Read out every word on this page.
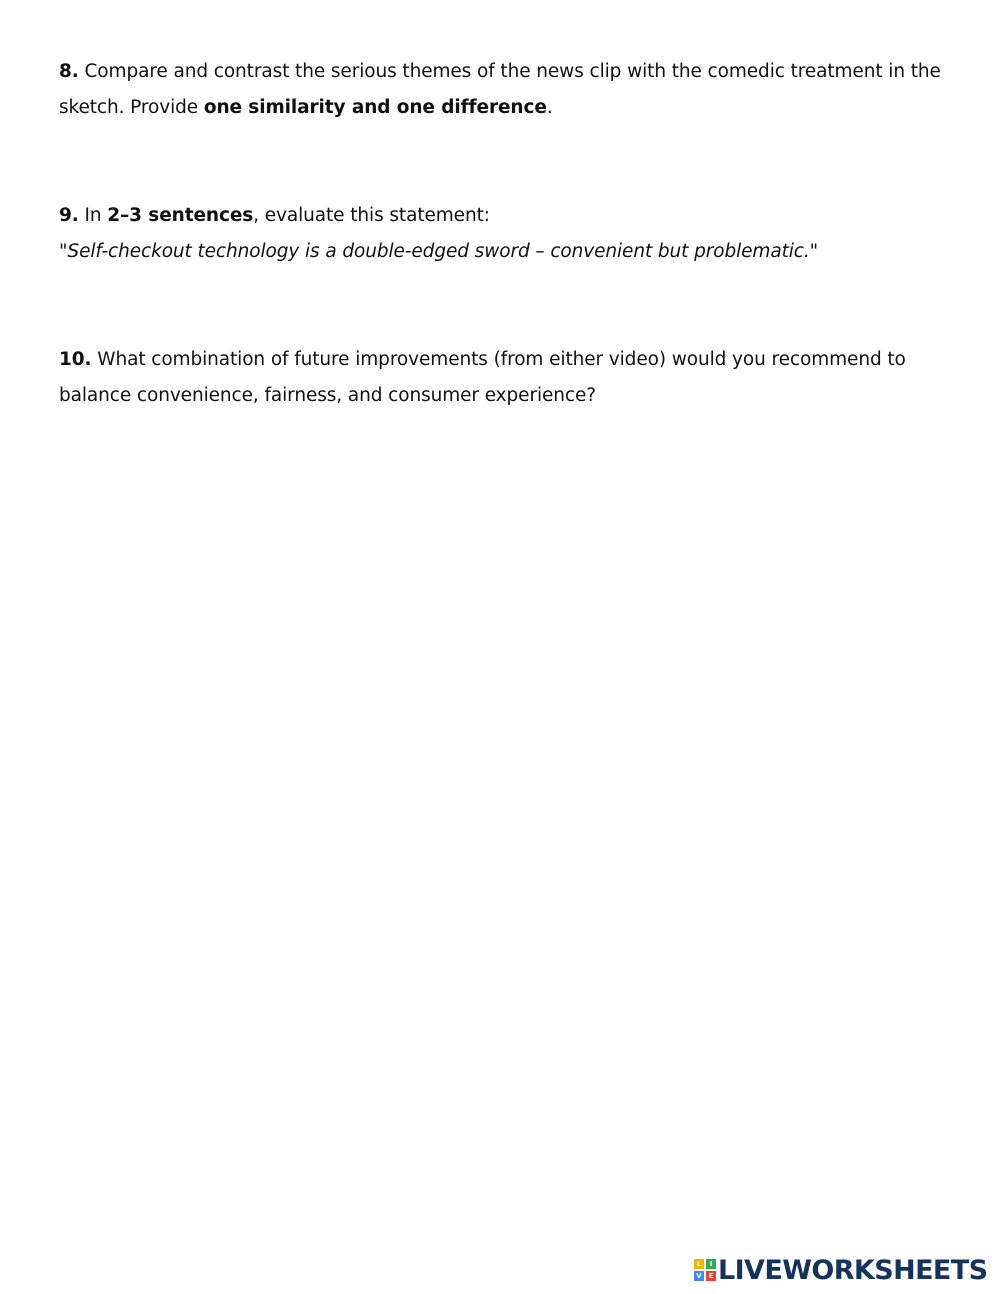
8. Compare and contrast the serious themes of the news clip with the comedic treatment in the sketch. Provide one similarity and one difference.
9. In 2–3 sentences, evaluate this statement:
"Self-checkout technology is a double-edged sword – convenient but problematic."
10. What combination of future improvements (from either video) would you recommend to balance convenience, fairness, and consumer experience?
L	I
V E LIVEWORKSHEETS
